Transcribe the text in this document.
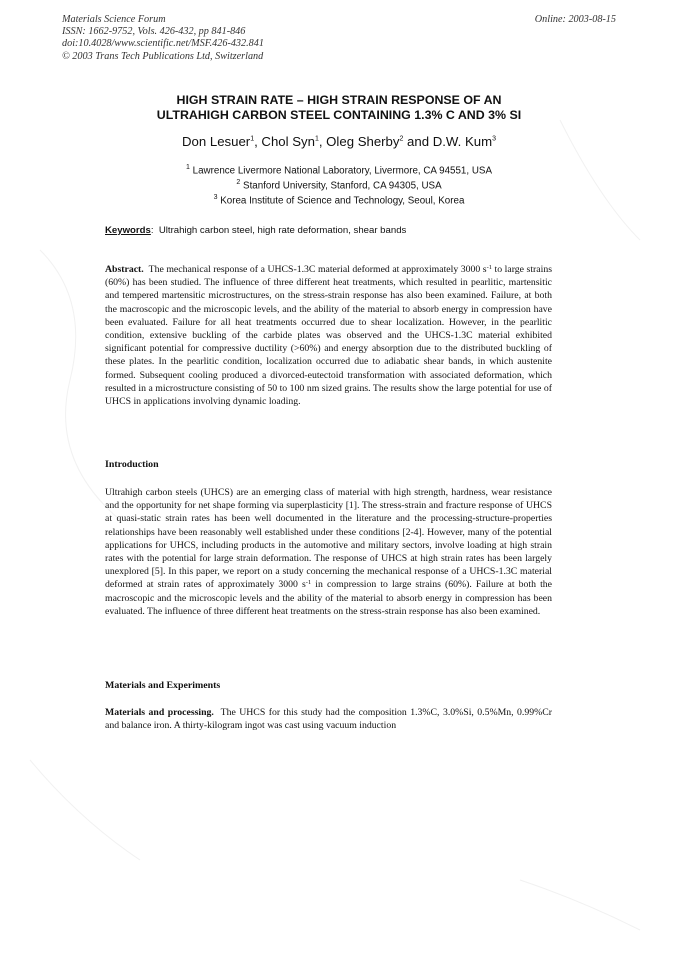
Materials Science Forum
ISSN: 1662-9752, Vols. 426-432, pp 841-846
doi:10.4028/www.scientific.net/MSF.426-432.841
© 2003 Trans Tech Publications Ltd, Switzerland
Online: 2003-08-15
HIGH STRAIN RATE – HIGH STRAIN RESPONSE OF AN
ULTRAHIGH CARBON STEEL CONTAINING 1.3% C AND 3% SI
Don Lesuer$^1$, Chol Syn$^1$, Oleg Sherby$^2$ and D.W. Kum$^3$
$^1$ Lawrence Livermore National Laboratory, Livermore, CA 94551, USA
$^2$ Stanford University, Stanford, CA 94305, USA
$^3$ Korea Institute of Science and Technology, Seoul, Korea
Keywords: Ultrahigh carbon steel, high rate deformation, shear bands
Abstract. The mechanical response of a UHCS-1.3C material deformed at approximately 3000 $s^{-1}$ to large strains (60%) has been studied. The influence of three different heat treatments, which resulted in pearlitic, martensitic and tempered martensitic microstructures, on the stress-strain response has also been examined. Failure, at both the macroscopic and the microscopic levels, and the ability of the material to absorb energy in compression have been evaluated. Failure for all heat treatments occurred due to shear localization. However, in the pearlitic condition, extensive buckling of the carbide plates was observed and the UHCS-1.3C material exhibited significant potential for compressive ductility (>60%) and energy absorption due to the distributed buckling of these plates. In the pearlitic condition, localization occurred due to adiabatic shear bands, in which austenite formed. Subsequent cooling produced a divorced-eutectoid transformation with associated deformation, which resulted in a microstructure consisting of 50 to 100 nm sized grains. The results show the large potential for use of UHCS in applications involving dynamic loading.
Introduction
Ultrahigh carbon steels (UHCS) are an emerging class of material with high strength, hardness, wear resistance and the opportunity for net shape forming via superplasticity [1]. The stress-strain and fracture response of UHCS at quasi-static strain rates has been well documented in the literature and the processing-structure-properties relationships have been reasonably well established under these conditions [2-4]. However, many of the potential applications for UHCS, including products in the automotive and military sectors, involve loading at high strain rates with the potential for large strain deformation. The response of UHCS at high strain rates has been largely unexplored [5]. In this paper, we report on a study concerning the mechanical response of a UHCS-1.3C material deformed at strain rates of approximately 3000 $s^{-1}$ in compression to large strains (60%). Failure at both the macroscopic and the microscopic levels and the ability of the material to absorb energy in compression has been evaluated. The influence of three different heat treatments on the stress-strain response has also been examined.
Materials and Experiments
Materials and processing. The UHCS for this study had the composition 1.3%C, 3.0%Si, 0.5%Mn, 0.99%Cr and balance iron. A thirty-kilogram ingot was cast using vacuum induction
